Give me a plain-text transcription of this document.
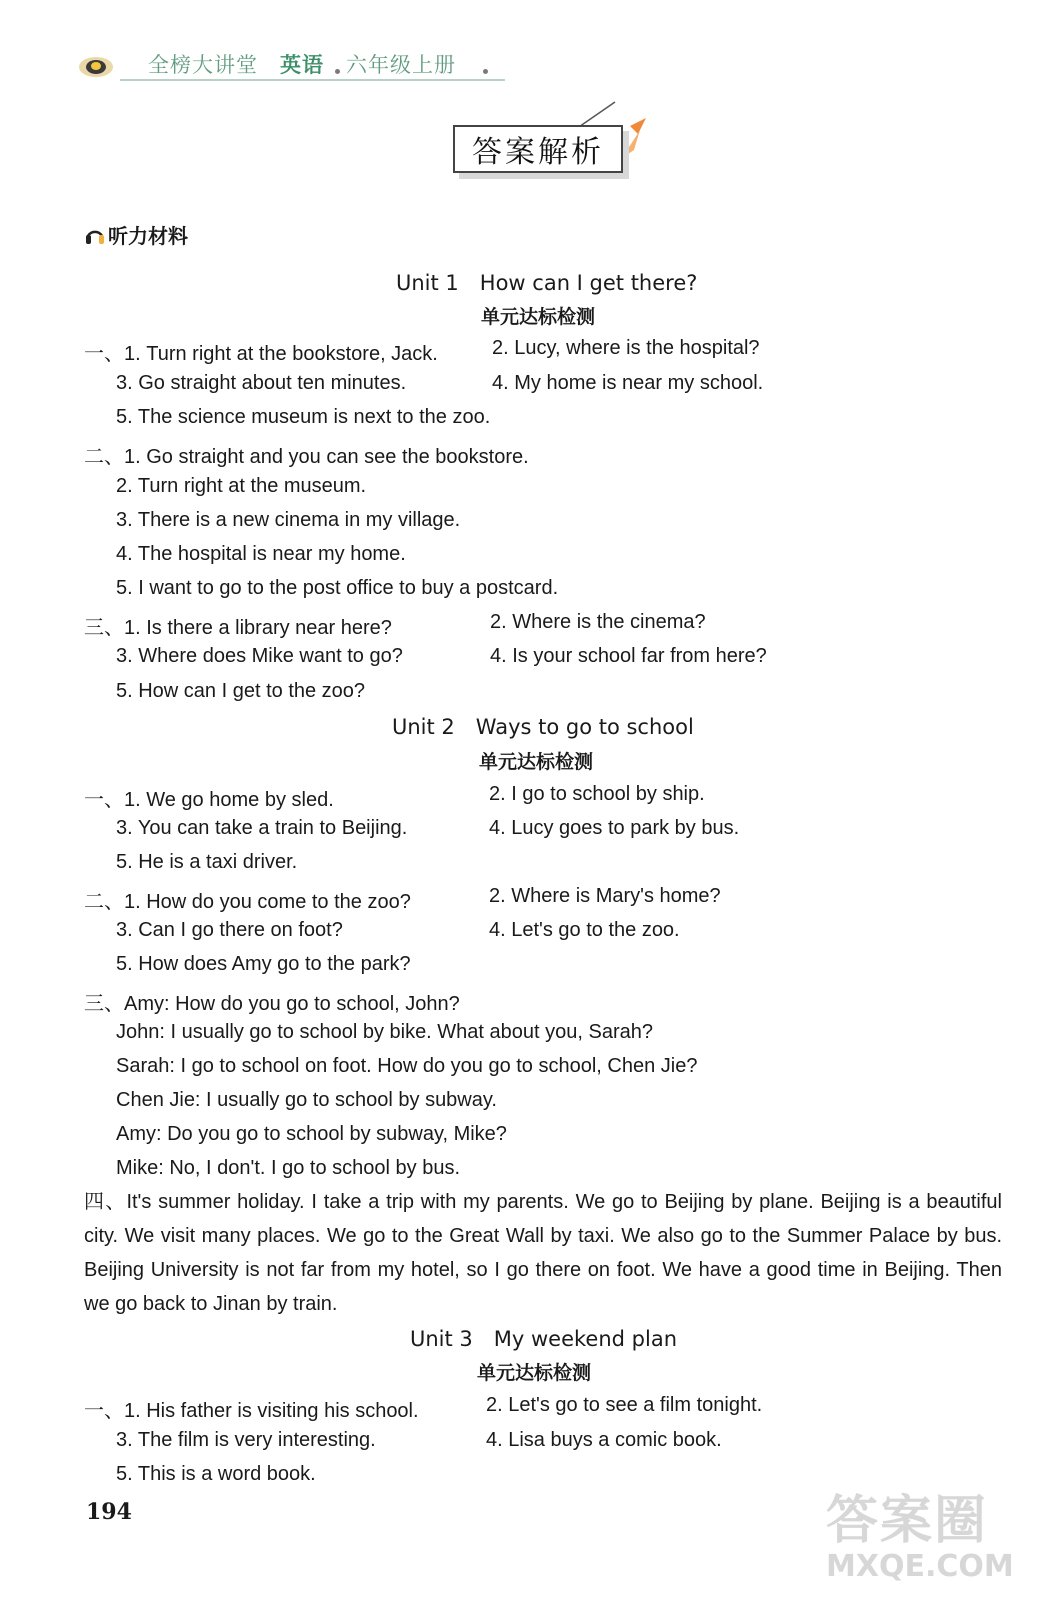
全榜大讲堂 英语 六年级上册
答案解析
听力材料
Unit 1　How can I get there?
单元达标检测
一、1. Turn right at the bookstore, Jack.	2. Lucy, where is the hospital?
3. Go straight about ten minutes.	4. My home is near my school.
5. The science museum is next to the zoo.
二、1. Go straight and you can see the bookstore.
2. Turn right at the museum.
3. There is a new cinema in my village.
4. The hospital is near my home.
5. I want to go to the post office to buy a postcard.
三、1. Is there a library near here?	2. Where is the cinema?
3. Where does Mike want to go?	4. Is your school far from here?
5. How can I get to the zoo?
Unit 2　Ways to go to school
单元达标检测
一、1. We go home by sled.	2. I go to school by ship.
3. You can take a train to Beijing.	4. Lucy goes to park by bus.
5. He is a taxi driver.
二、1. How do you come to the zoo?	2. Where is Mary's home?
3. Can I go there on foot?	4. Let's go to the zoo.
5. How does Amy go to the park?
三、Amy: How do you go to school, John?
John: I usually go to school by bike. What about you, Sarah?
Sarah: I go to school on foot. How do you go to school, Chen Jie?
Chen Jie: I usually go to school by subway.
Amy: Do you go to school by subway, Mike?
Mike: No, I don't. I go to school by bus.
四、It's summer holiday. I take a trip with my parents. We go to Beijing by plane. Beijing is a beautiful city. We visit many places. We go to the Great Wall by taxi. We also go to the Summer Palace by bus. Beijing University is not far from my hotel, so I go there on foot. We have a good time in Beijing. Then we go back to Jinan by train.
Unit 3　My weekend plan
单元达标检测
一、1. His father is visiting his school.	2. Let's go to see a film tonight.
3. The film is very interesting.	4. Lisa buys a comic book.
5. This is a word book.
194	答案圈
MXQE.COM
